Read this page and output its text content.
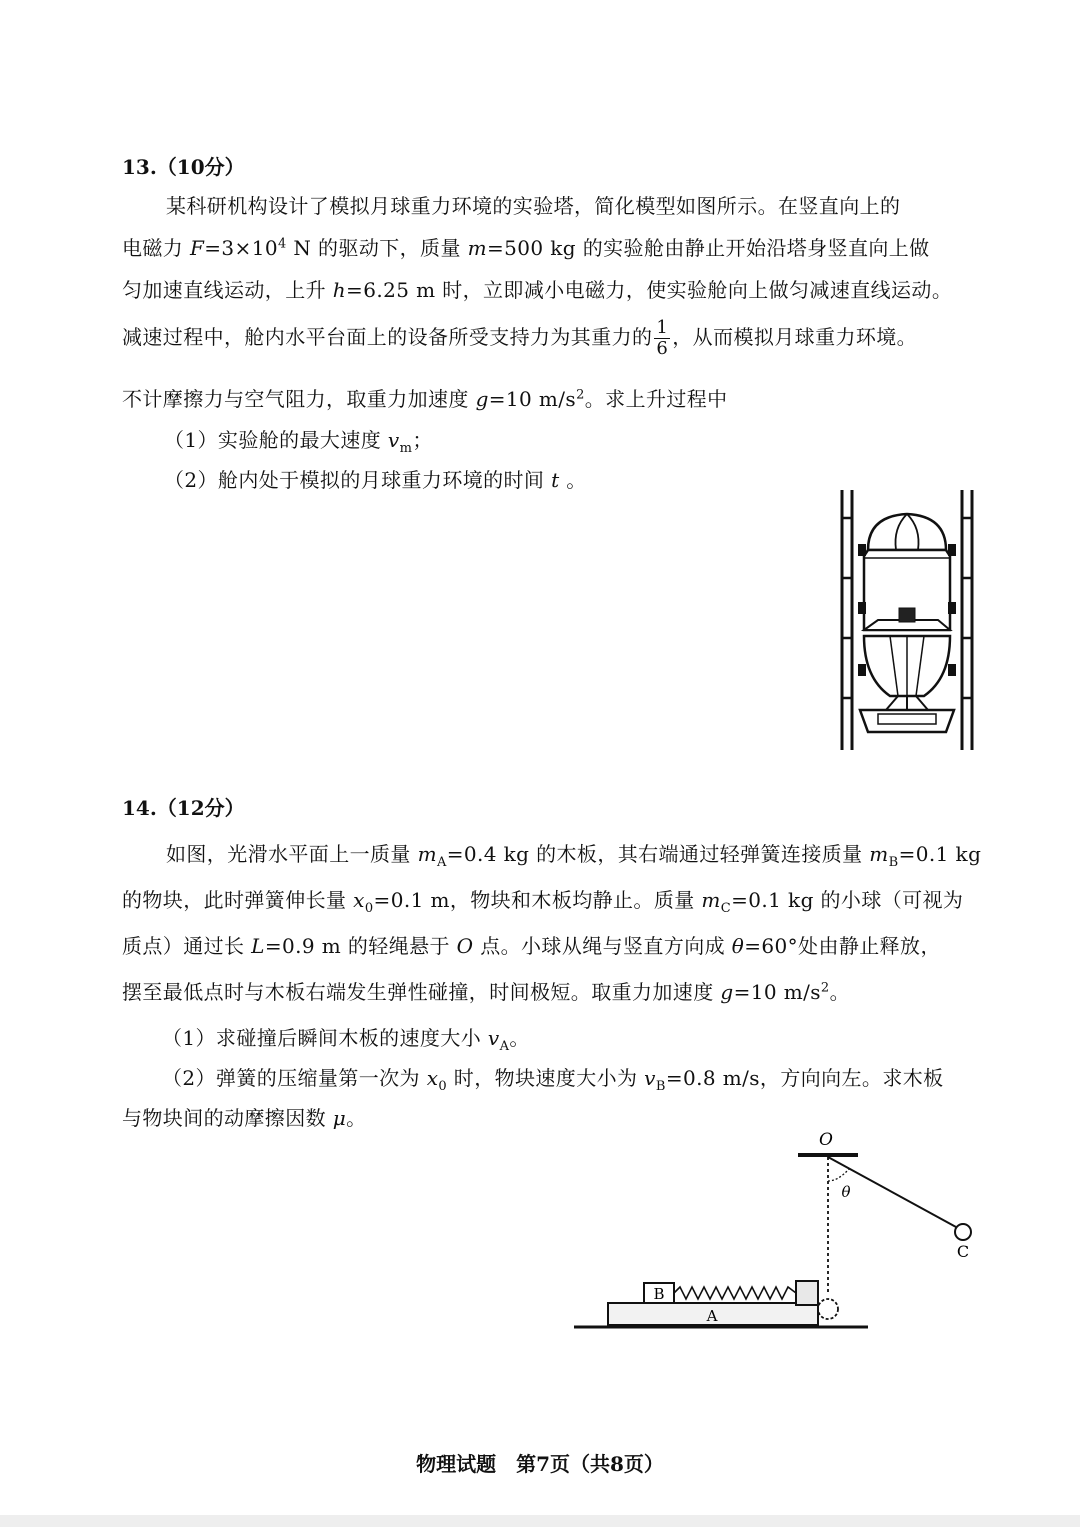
13.（10分）
某科研机构设计了模拟月球重力环境的实验塔，简化模型如图所示。在竖直向上的
电磁力 $F=3\times 10^4$ N 的驱动下，质量 m=500 kg 的实验舱由静止开始沿塔身竖直向上做
匀加速直线运动，上升 h=6.25 m 时，立即减小电磁力，使实验舱向上做匀减速直线运动。
减速过程中，舱内水平台面上的设备所受支持力为其重力的 $\frac{1}{6}$ ，从而模拟月球重力环境。
不计摩擦力与空气阻力，取重力加速度 g=10 $m/s^2$。求上升过程中
（1）实验舱的最大速度 $v_m$；
（2）舱内处于模拟的月球重力环境的时间 t 。
14.（12分）
如图，光滑水平面上一质量 $m_A=0.4$ kg 的木板，其右端通过轻弹簧连接质量 $m_B=0.1$ kg
的物块，此时弹簧伸长量 $x_0=0.1$ m，物块和木板均静止。质量 $m_C=0.1$ kg 的小球（可视为
质点）通过长 L=0.9 m 的轻绳悬于 O 点。小球从绳与竖直方向成 θ=60°处由静止释放，
摆至最低点时与木板右端发生弹性碰撞，时间极短。取重力加速度 g=10 $m/s^2$。
（1）求碰撞后瞬间木板的速度大小 $v_A$。
（2）弹簧的压缩量第一次为 $x_0$ 时，物块速度大小为 $v_B=0.8$ m/s，方向向左。求木板
与物块间的动摩擦因数 μ。
O
θ
C
A
B
物理试题　第7页（共8页）
